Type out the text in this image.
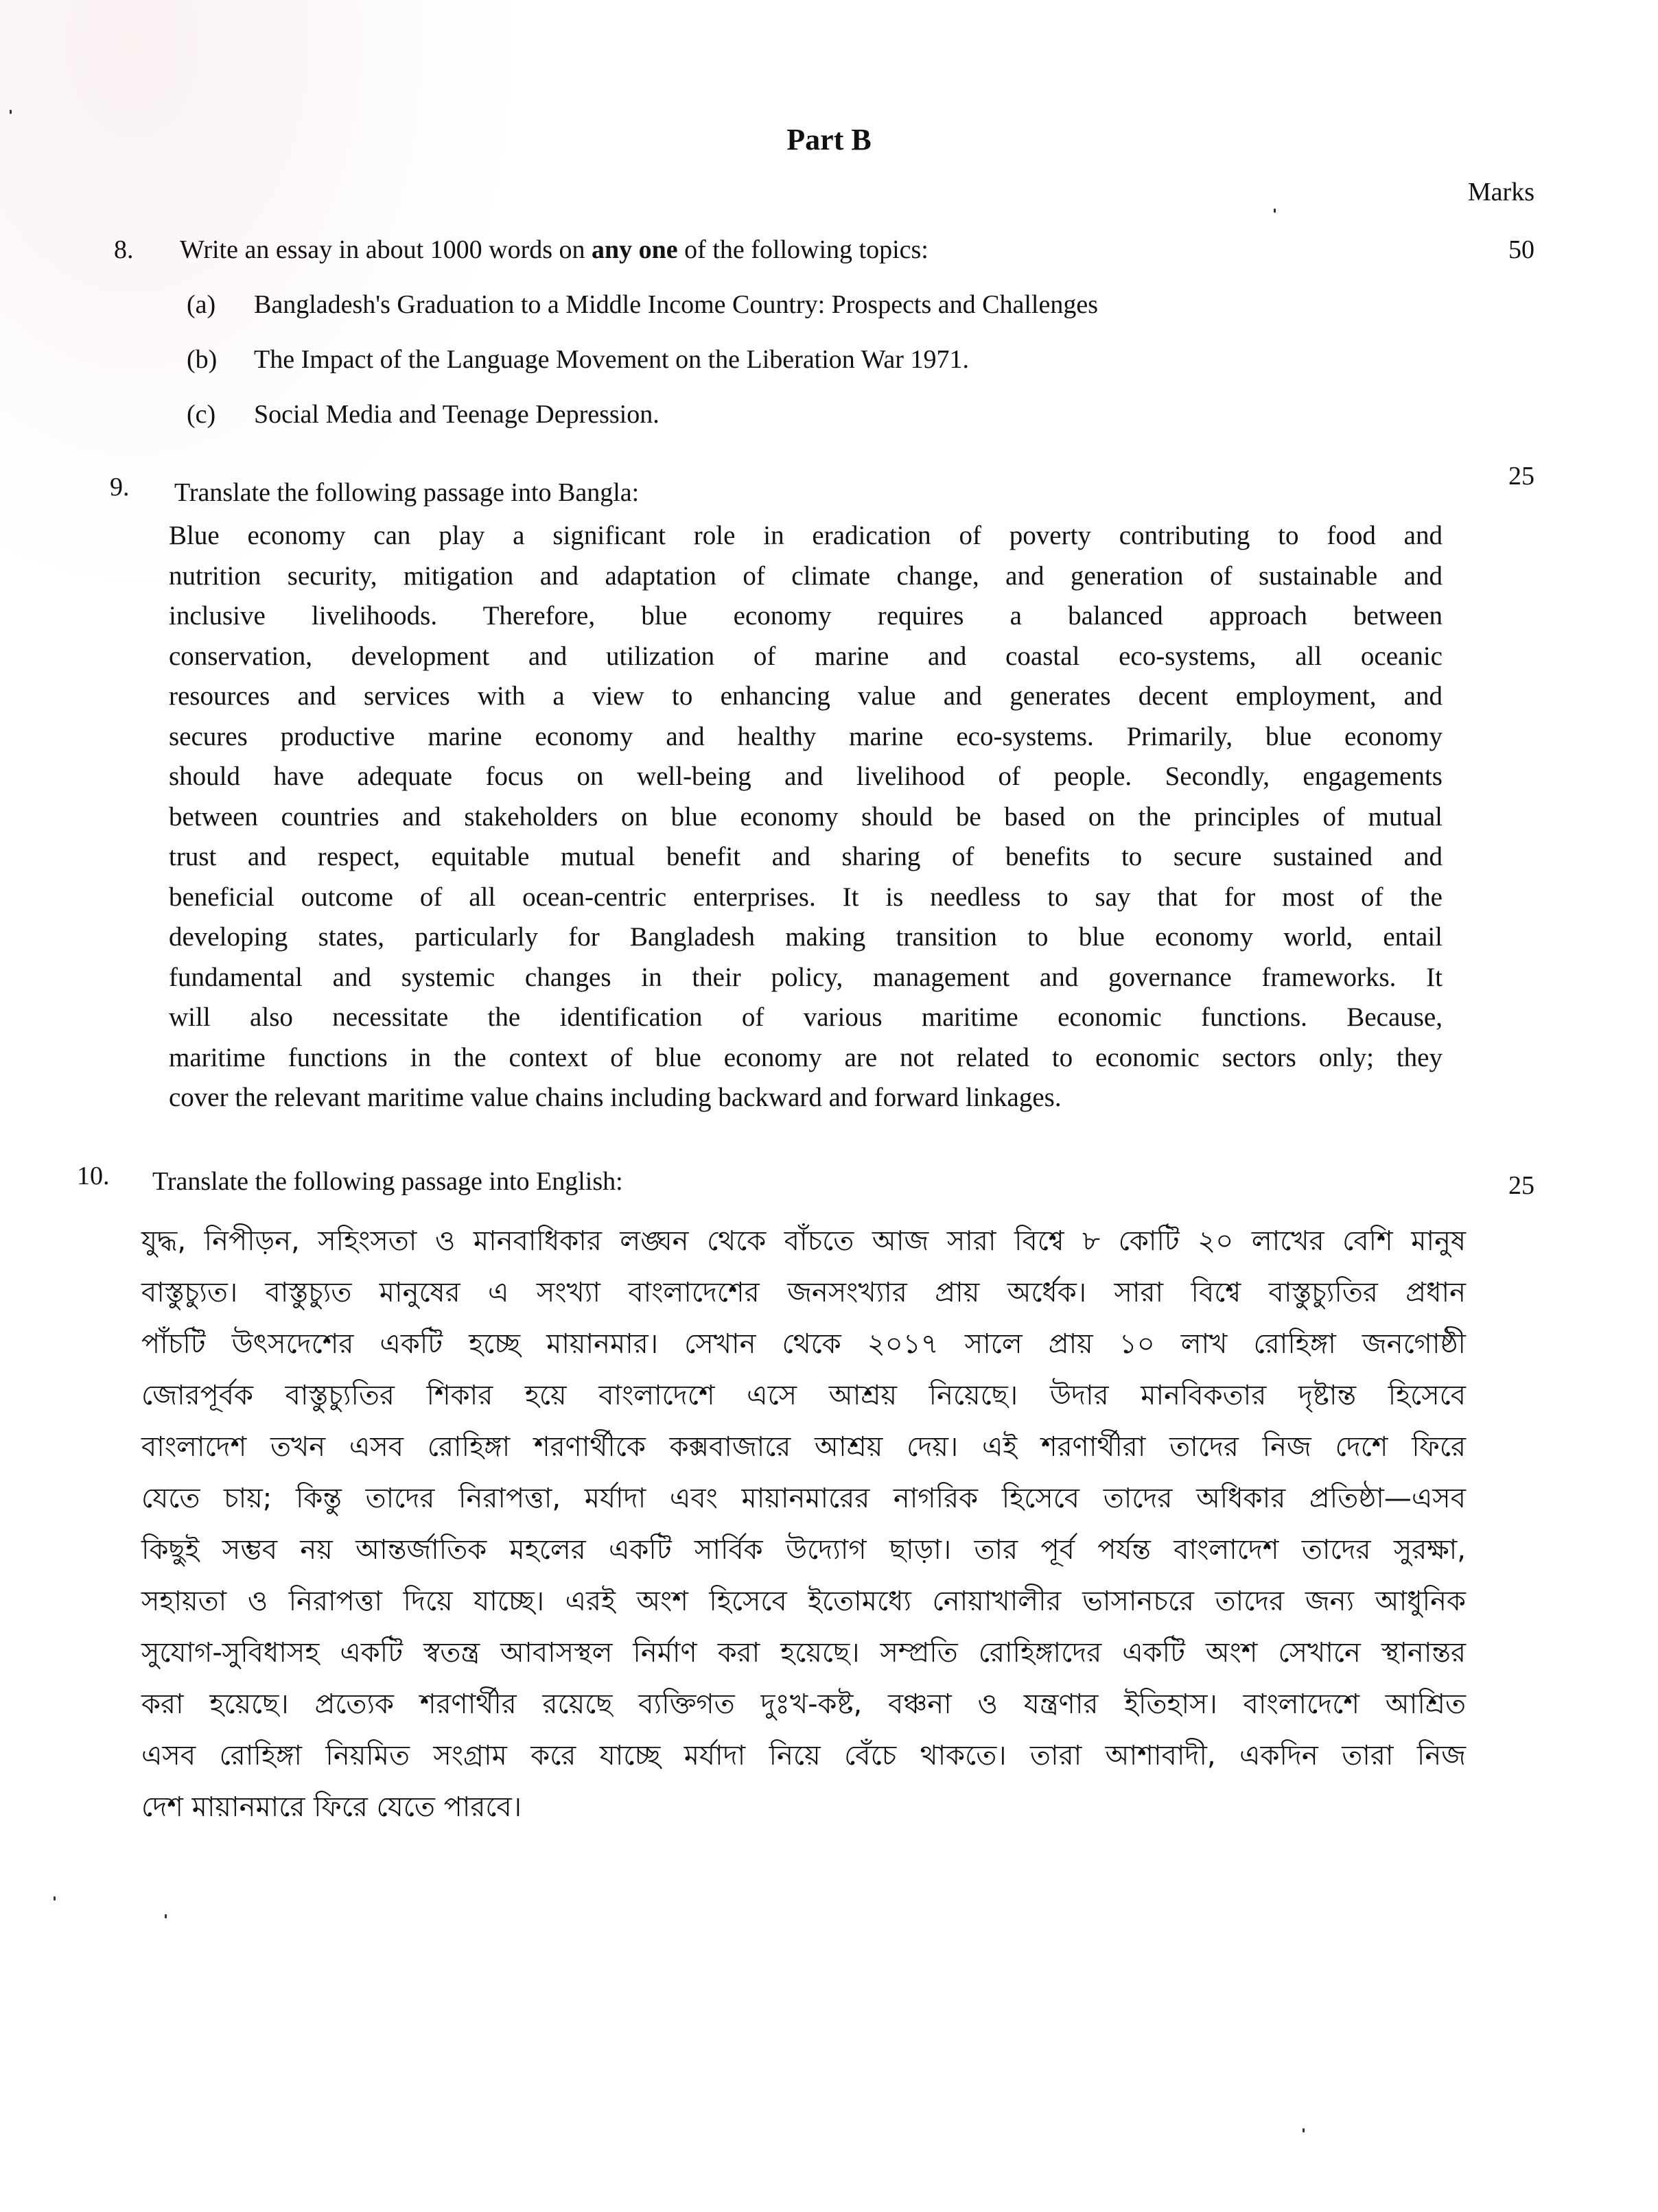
Part B
Marks
8. Write an essay in about 1000 words on any one of the following topics:	50
(a) Bangladesh's Graduation to a Middle Income Country: Prospects and Challenges
(b) The Impact of the Language Movement on the Liberation War 1971.
(c) Social Media and Teenage Depression.
9. Translate the following passage into Bangla:
25
Blue economy can play a significant role in eradication of poverty contributing to food and
nutrition security, mitigation and adaptation of climate change, and generation of sustainable and
inclusive livelihoods. Therefore, blue economy requires a balanced approach between
conservation, development and utilization of marine and coastal eco-systems, all oceanic
resources and services with a view to enhancing value and generates decent employment, and
secures productive marine economy and healthy marine eco-systems. Primarily, blue economy
should have adequate focus on well-being and livelihood of people. Secondly, engagements
between countries and stakeholders on blue economy should be based on the principles of mutual
trust and respect, equitable mutual benefit and sharing of benefits to secure sustained and
beneficial outcome of all ocean-centric enterprises. It is needless to say that for most of the
developing states, particularly for Bangladesh making transition to blue economy world, entail
fundamental and systemic changes in their policy, management and governance frameworks. It
will also necessitate the identification of various maritime economic functions. Because,
maritime functions in the context of blue economy are not related to economic sectors only; they
cover the relevant maritime value chains including backward and forward linkages.
10. Translate the following passage into English:	25
যুদ্ধ, নিপীড়ন, সহিংসতা ও মানবাধিকার লঙ্ঘন থেকে বাঁচতে আজ সারা বিশ্বে ৮ কোটি ২০ লাখের বেশি মানুষ
বাস্তুচ্যুত। বাস্তুচ্যুত মানুষের এ সংখ্যা বাংলাদেশের জনসংখ্যার প্রায় অর্ধেক। সারা বিশ্বে বাস্তুচ্যুতির প্রধান
পাঁচটি উৎসদেশের একটি হচ্ছে মায়ানমার। সেখান থেকে ২০১৭ সালে প্রায় ১০ লাখ রোহিঙ্গা জনগোষ্ঠী
জোরপূর্বক বাস্তুচ্যুতির শিকার হয়ে বাংলাদেশে এসে আশ্রয় নিয়েছে। উদার মানবিকতার দৃষ্টান্ত হিসেবে
বাংলাদেশ তখন এসব রোহিঙ্গা শরণার্থীকে কক্সবাজারে আশ্রয় দেয়। এই শরণার্থীরা তাদের নিজ দেশে ফিরে
যেতে চায়; কিন্তু তাদের নিরাপত্তা, মর্যাদা এবং মায়ানমারের নাগরিক হিসেবে তাদের অধিকার প্রতিষ্ঠা—এসব
কিছুই সম্ভব নয় আন্তর্জাতিক মহলের একটি সার্বিক উদ্যোগ ছাড়া। তার পূর্ব পর্যন্ত বাংলাদেশ তাদের সুরক্ষা,
সহায়তা ও নিরাপত্তা দিয়ে যাচ্ছে। এরই অংশ হিসেবে ইতোমধ্যে নোয়াখালীর ভাসানচরে তাদের জন্য আধুনিক
সুযোগ-সুবিধাসহ একটি স্বতন্ত্র আবাসস্থল নির্মাণ করা হয়েছে। সম্প্রতি রোহিঙ্গাদের একটি অংশ সেখানে স্থানান্তর
করা হয়েছে। প্রত্যেক শরণার্থীর রয়েছে ব্যক্তিগত দুঃখ-কষ্ট, বঞ্চনা ও যন্ত্রণার ইতিহাস। বাংলাদেশে আশ্রিত
এসব রোহিঙ্গা নিয়মিত সংগ্রাম করে যাচ্ছে মর্যাদা নিয়ে বেঁচে থাকতে। তারা আশাবাদী, একদিন তারা নিজ
দেশ মায়ানমারে ফিরে যেতে পারবে।
